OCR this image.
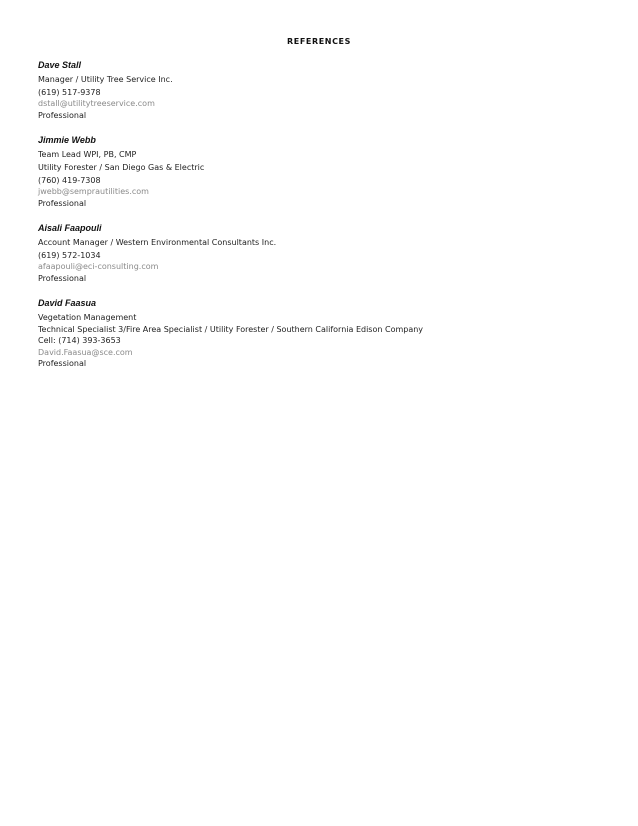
REFERENCES
Dave Stall
Manager / Utility Tree Service Inc.
(619) 517-9378
dstall@utilitytreeservice.com
Professional
Jimmie Webb
Team Lead WPI, PB, CMP
Utility Forester / San Diego Gas & Electric
(760) 419-7308
jwebb@semprautilities.com
Professional
Aisali Faapouli
Account Manager / Western Environmental Consultants Inc.
(619) 572-1034
afaapouli@eci-consulting.com
Professional
David Faasua
Vegetation Management
Technical Specialist 3/Fire Area Specialist / Utility Forester / Southern California Edison Company
Cell: (714) 393-3653
David.Faasua@sce.com
Professional
